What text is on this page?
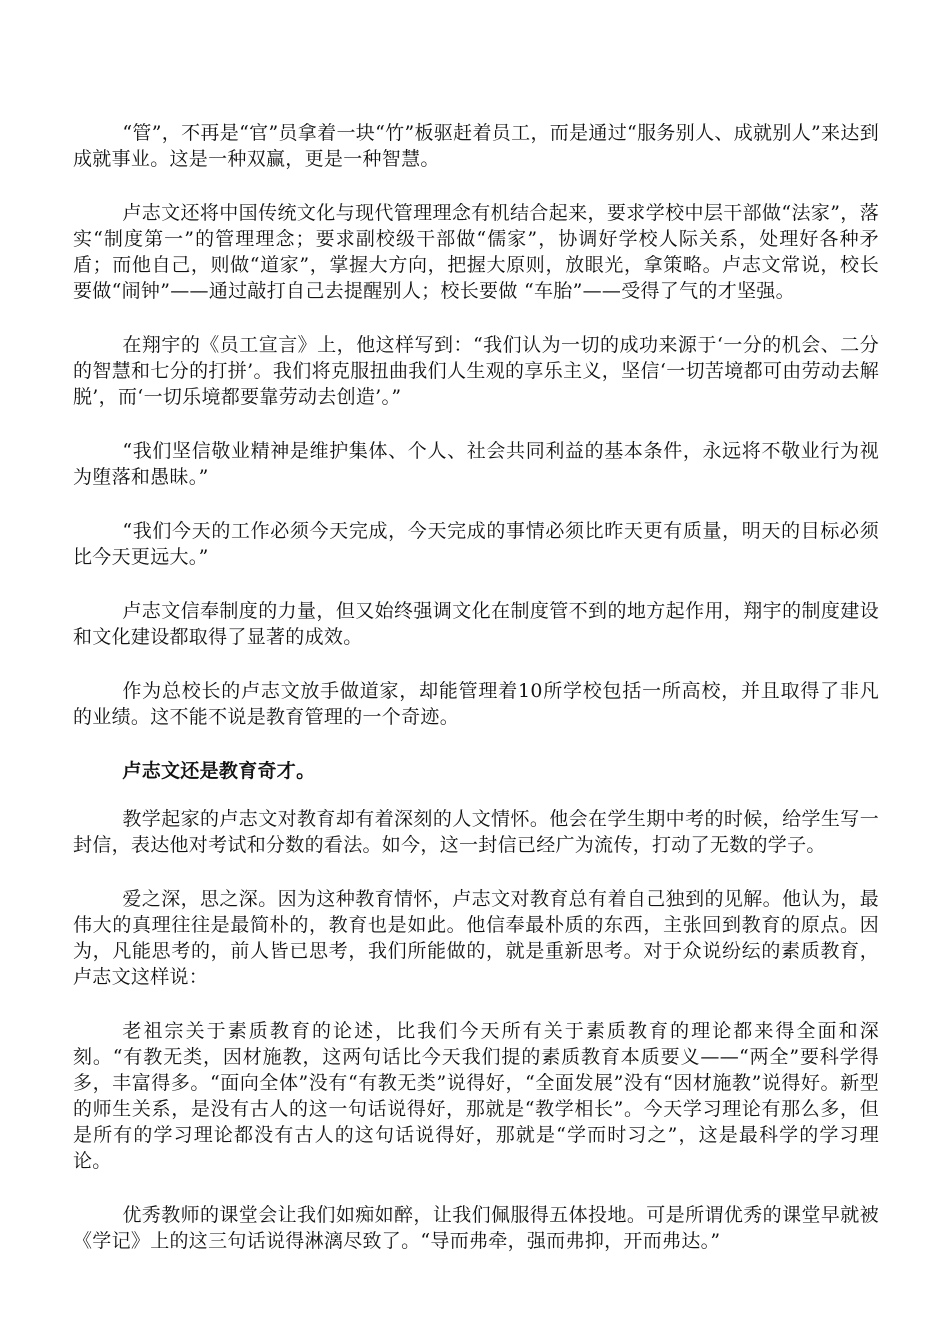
“管”，不再是“官”员拿着一块“竹”板驱赶着员工，而是通过“服务别人、成就别人”来达到成就事业。这是一种双赢，更是一种智慧。

卢志文还将中国传统文化与现代管理理念有机结合起来，要求学校中层干部做“法家”，落实“制度第一”的管理理念；要求副校级干部做“儒家”，协调好学校人际关系，处理好各种矛盾；而他自己，则做“道家”，掌握大方向，把握大原则，放眼光，拿策略。卢志文常说，校长要做“闹钟”——通过敲打自己去提醒别人；校长要做 “车胎”——受得了气的才坚强。

在翔宇的《员工宣言》上，他这样写到：“我们认为一切的成功来源于‘一分的机会、二分的智慧和七分的打拼’。我们将克服扭曲我们人生观的享乐主义，坚信‘一切苦境都可由劳动去解脱’，而‘一切乐境都要靠劳动去创造’。”

“我们坚信敬业精神是维护集体、个人、社会共同利益的基本条件，永远将不敬业行为视为堕落和愚昧。”

“我们今天的工作必须今天完成，今天完成的事情必须比昨天更有质量，明天的目标必须比今天更远大。”

卢志文信奉制度的力量，但又始终强调文化在制度管不到的地方起作用，翔宇的制度建设和文化建设都取得了显著的成效。

作为总校长的卢志文放手做道家，却能管理着10所学校包括一所高校，并且取得了非凡的业绩。这不能不说是教育管理的一个奇迹。

卢志文还是教育奇才。

教学起家的卢志文对教育却有着深刻的人文情怀。他会在学生期中考的时候，给学生写一封信，表达他对考试和分数的看法。如今，这一封信已经广为流传，打动了无数的学子。

爱之深，思之深。因为这种教育情怀，卢志文对教育总有着自己独到的见解。他认为，最伟大的真理往往是最简朴的，教育也是如此。他信奉最朴质的东西，主张回到教育的原点。因为，凡能思考的，前人皆已思考，我们所能做的，就是重新思考。对于众说纷纭的素质教育，卢志文这样说：

老祖宗关于素质教育的论述，比我们今天所有关于素质教育的理论都来得全面和深刻。“有教无类，因材施教，这两句话比今天我们提的素质教育本质要义——“两全”要科学得多，丰富得多。“面向全体”没有“有教无类”说得好，“全面发展”没有“因材施教”说得好。新型的师生关系，是没有古人的这一句话说得好，那就是“教学相长”。今天学习理论有那么多，但是所有的学习理论都没有古人的这句话说得好，那就是“学而时习之”，这是最科学的学习理论。

优秀教师的课堂会让我们如痴如醉，让我们佩服得五体投地。可是所谓优秀的课堂早就被《学记》上的这三句话说得淋漓尽致了。“导而弗牵，强而弗抑，开而弗达。”
